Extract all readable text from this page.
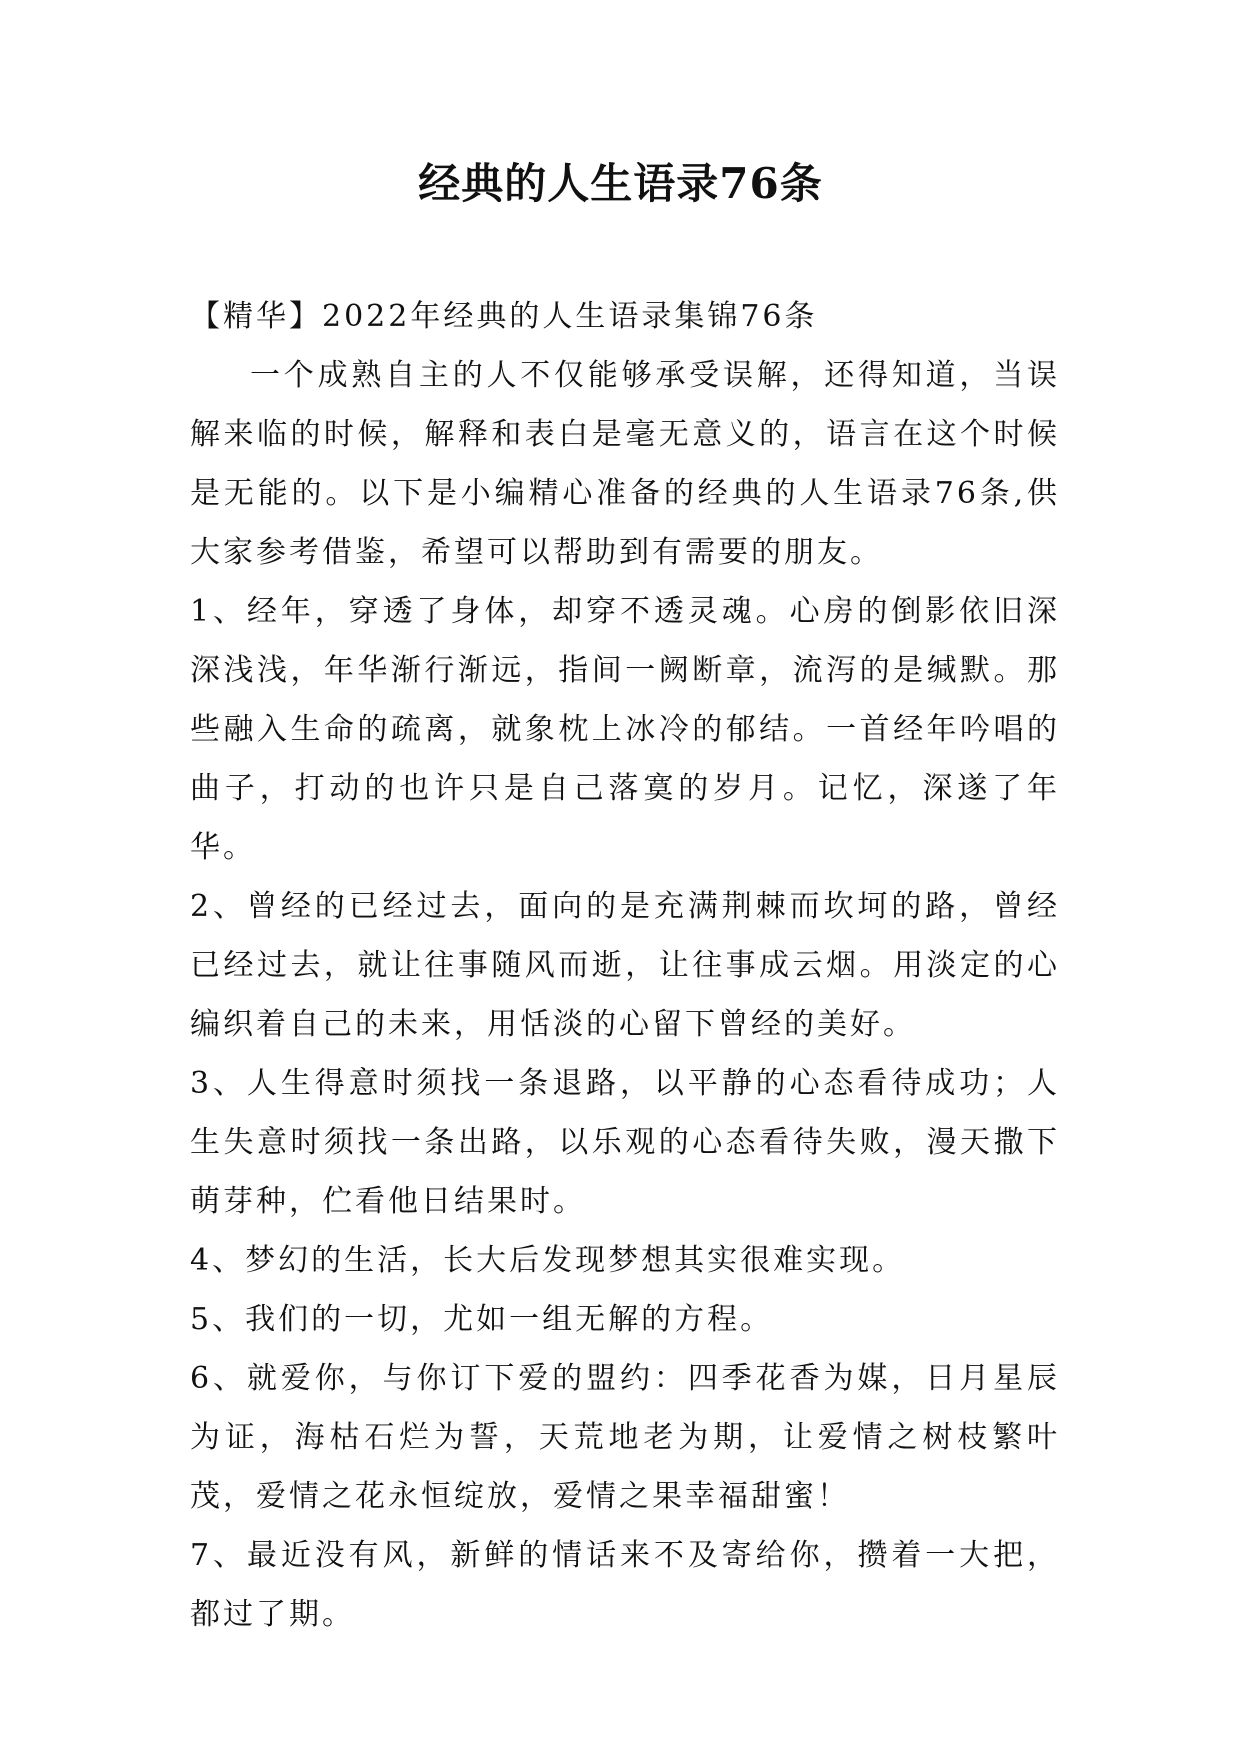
经典的人生语录76条

【精华】2022年经典的人生语录集锦76条

一个成熟自主的人不仅能够承受误解，还得知道，当误解来临的时候，解释和表白是毫无意义的，语言在这个时候是无能的。以下是小编精心准备的经典的人生语录76条,供大家参考借鉴，希望可以帮助到有需要的朋友。

1、经年，穿透了身体，却穿不透灵魂。心房的倒影依旧深深浅浅，年华渐行渐远，指间一阙断章，流泻的是缄默。那些融入生命的疏离，就象枕上冰冷的郁结。一首经年吟唱的曲子，打动的也许只是自己落寞的岁月。记忆，深遂了年华。

2、曾经的已经过去，面向的是充满荆棘而坎坷的路，曾经已经过去，就让往事随风而逝，让往事成云烟。用淡定的心编织着自己的未来，用恬淡的心留下曾经的美好。

3、人生得意时须找一条退路，以平静的心态看待成功；人生失意时须找一条出路，以乐观的心态看待失败，漫天撒下萌芽种，伫看他日结果时。

4、梦幻的生活，长大后发现梦想其实很难实现。

5、我们的一切，尤如一组无解的方程。

6、就爱你，与你订下爱的盟约：四季花香为媒，日月星辰为证，海枯石烂为誓，天荒地老为期，让爱情之树枝繁叶茂，爱情之花永恒绽放，爱情之果幸福甜蜜！

7、最近没有风，新鲜的情话来不及寄给你，攒着一大把，都过了期。
